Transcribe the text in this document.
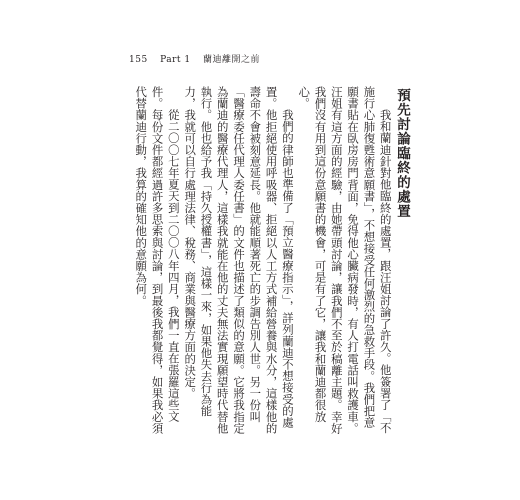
155 Part 1 蘭迪離開之前
預先討論臨終的處置

我和蘭迪針對他臨終的處置，跟汪姐討論了許久。他簽署了「不施行心肺復甦術意願書」，不想接受任何激烈的急救手段。我們把意願書貼在臥房房門背面，免得他心臟病發時，有人打電話叫救護車。汪姐有這方面的經驗，由她帶頭討論，讓我們不至於稿離主題。幸好我們沒有用到這份意願書的機會，可是有了它，讓我和蘭迪都很放心。

我們的律師也準備了「預立醫療指示」，詳列蘭迪不想接受的處置。他拒絕使用呼吸器、拒絕以人工方式補給營養與水分，這樣他的壽命不會被刻意延長。他就能順著死亡的步調告別人世。另一份叫「醫療委任代理人委任書」的文件也描述了類似的意願。它將我指定為蘭迪的醫療代理人，這樣我就能在他的丈夫無法實現願望時代替他執行。他也給予我「持久授權書」，這樣一來，如果他失去行為能力，我就可以自行處理法律、稅務、商業與醫療方面的決定。

從二〇〇七年夏天到二〇〇八年四月，我們一直在張羅這些文件。每份文件都經過許多思索與討論，到最後我都覺得，如果我必須代替蘭迪行動，我算的確知他的意願為何。
